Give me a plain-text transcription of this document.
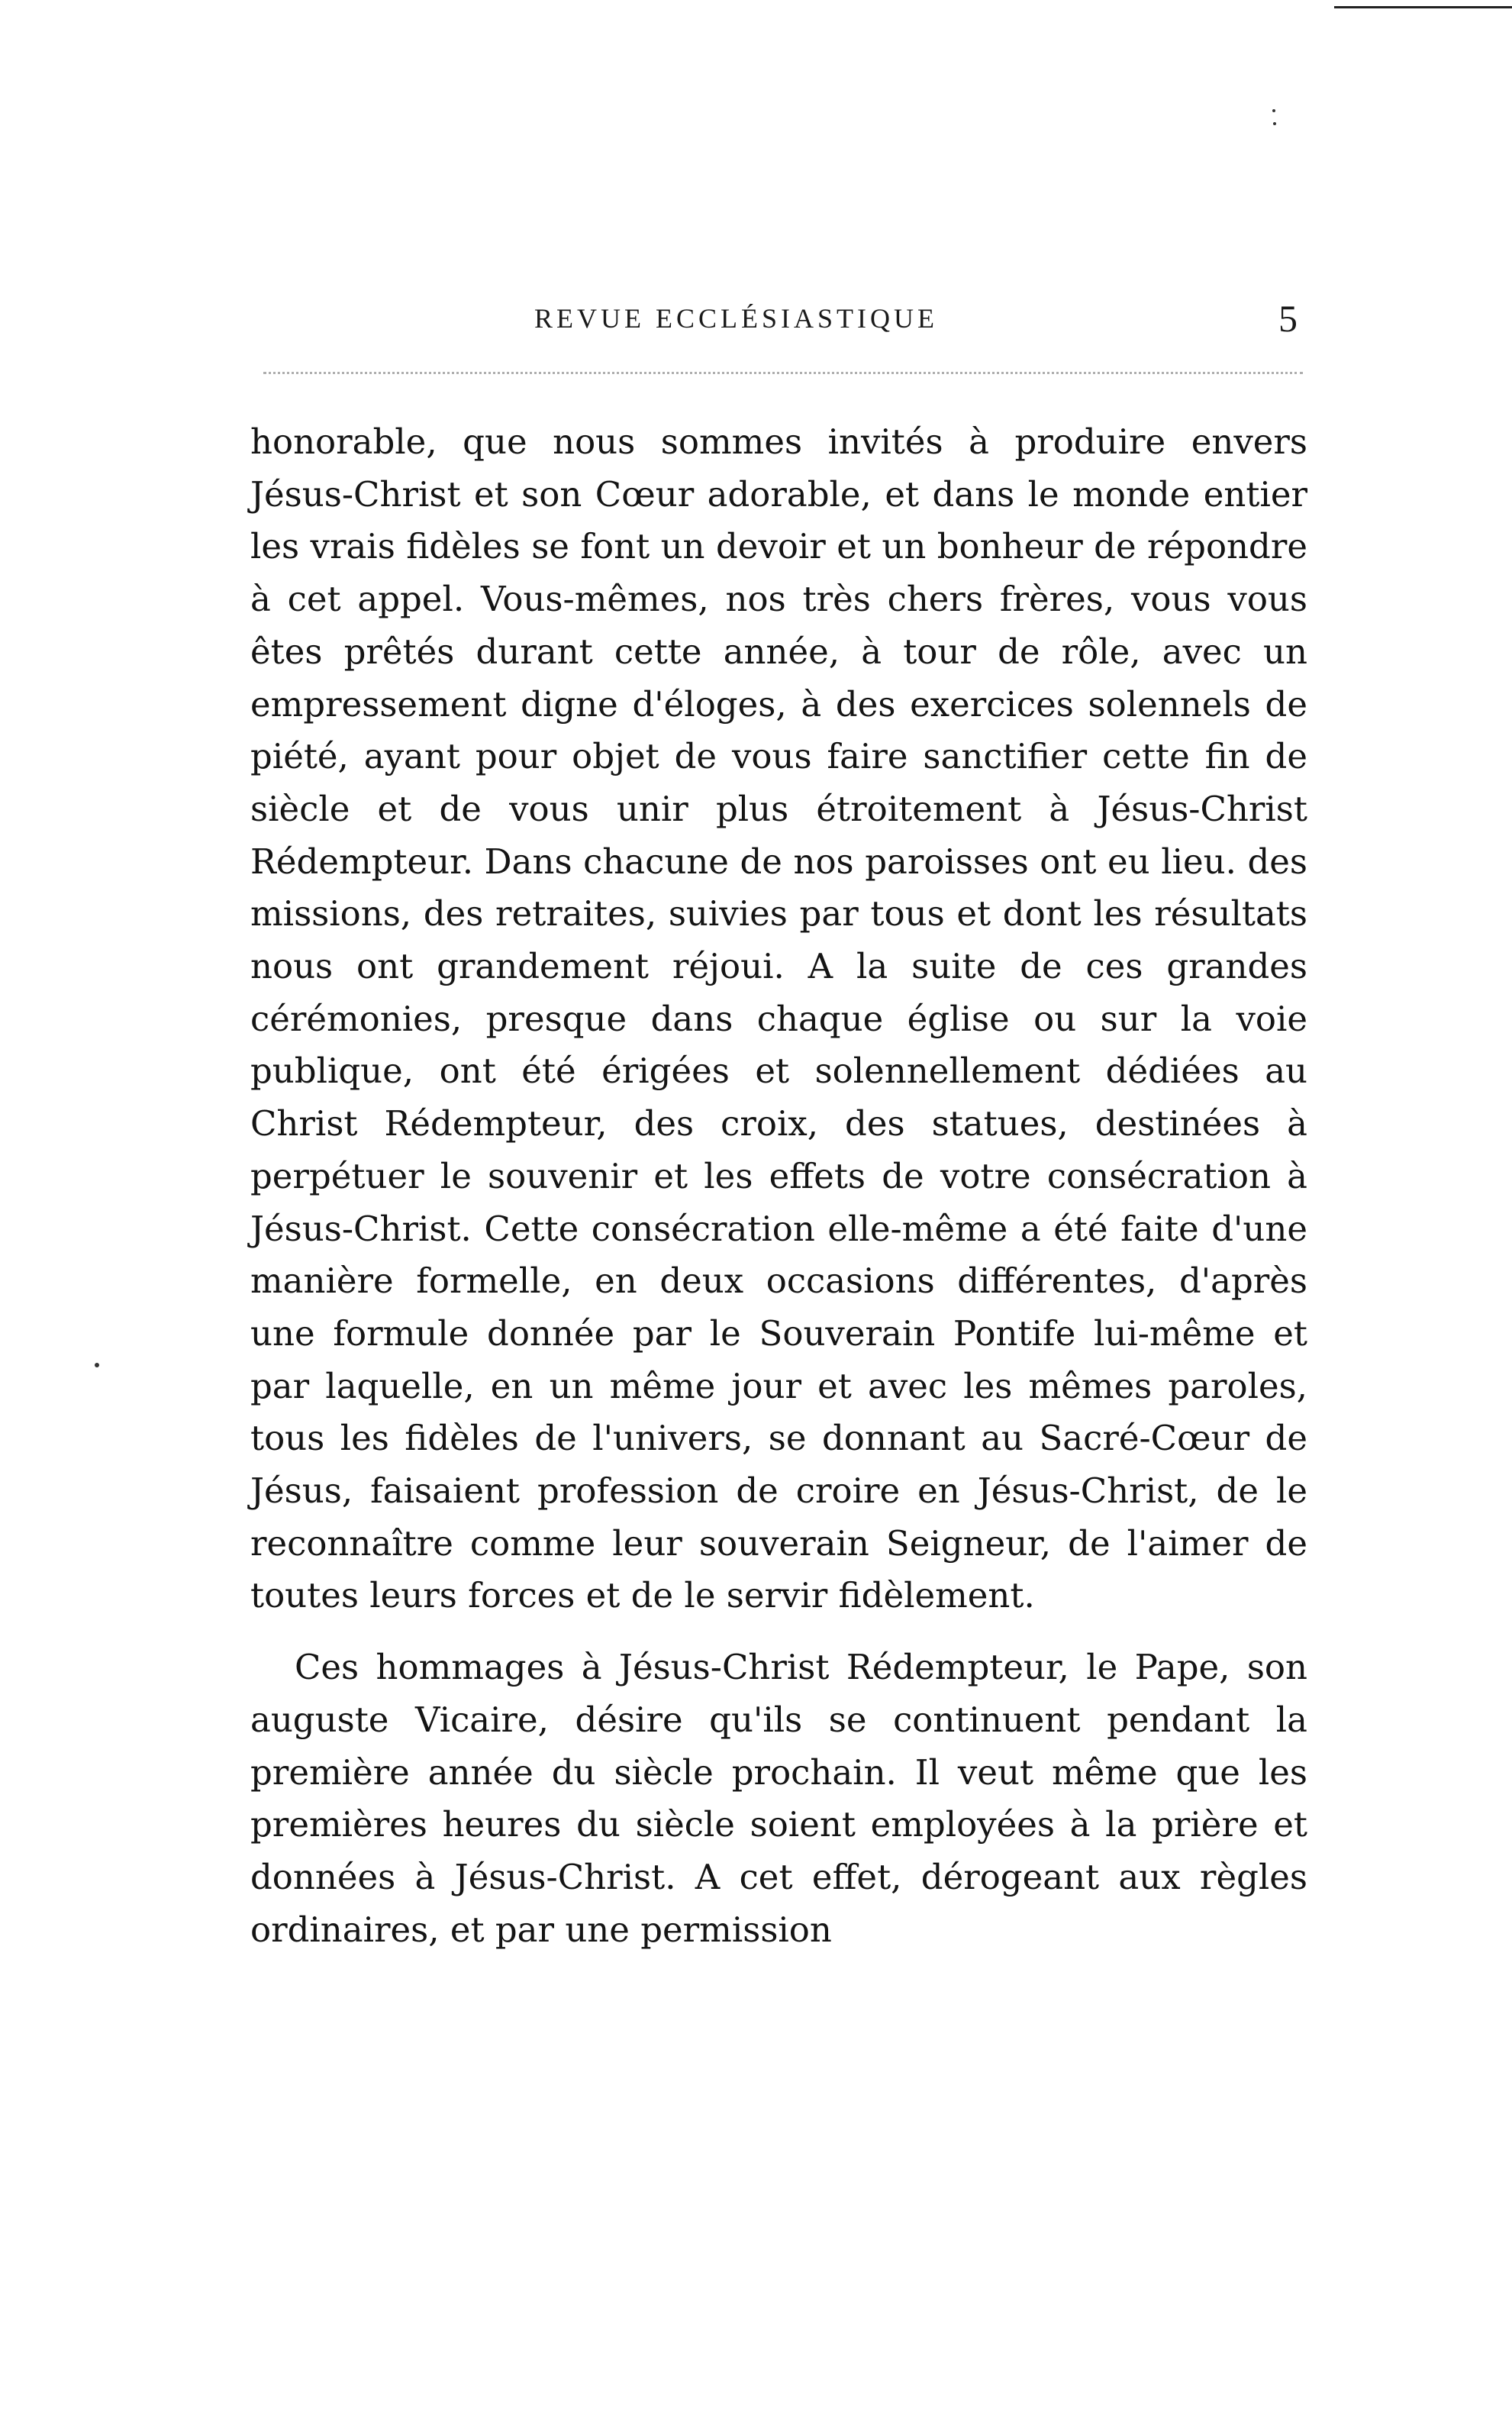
REVUE ECCLÉSIASTIQUE	5

honorable, que nous sommes invités à produire envers Jésus-Christ et son Cœur adorable, et dans le monde entier les vrais fidèles se font un devoir et un bonheur de répondre à cet appel. Vous-mêmes, nos très chers frères, vous vous êtes prêtés durant cette année, à tour de rôle, avec un empressement digne d'éloges, à des exercices solennels de piété, ayant pour objet de vous faire sanctifier cette fin de siècle et de vous unir plus étroitement à Jésus-Christ Rédempteur. Dans chacune de nos paroisses ont eu lieu. des missions, des retraites, suivies par tous et dont les résultats nous ont grandement réjoui. A la suite de ces grandes cérémonies, presque dans chaque église ou sur la voie publique, ont été érigées et solennellement dédiées au Christ Rédempteur, des croix, des statues, destinées à perpétuer le souvenir et les effets de votre consécration à Jésus-Christ. Cette consécration elle-même a été faite d'une manière formelle, en deux occasions différentes, d'après une formule donnée par le Souverain Pontife lui-même et par laquelle, en un même jour et avec les mêmes paroles, tous les fidèles de l'univers, se donnant au Sacré-Cœur de Jésus, faisaient profession de croire en Jésus-Christ, de le reconnaître comme leur souverain Seigneur, de l'aimer de toutes leurs forces et de le servir fidèlement.

Ces hommages à Jésus-Christ Rédempteur, le Pape, son auguste Vicaire, désire qu'ils se continuent pendant la première année du siècle prochain. Il veut même que les premières heures du siècle soient employées à la prière et données à Jésus-Christ. A cet effet, dérogeant aux règles ordinaires, et par une permission
